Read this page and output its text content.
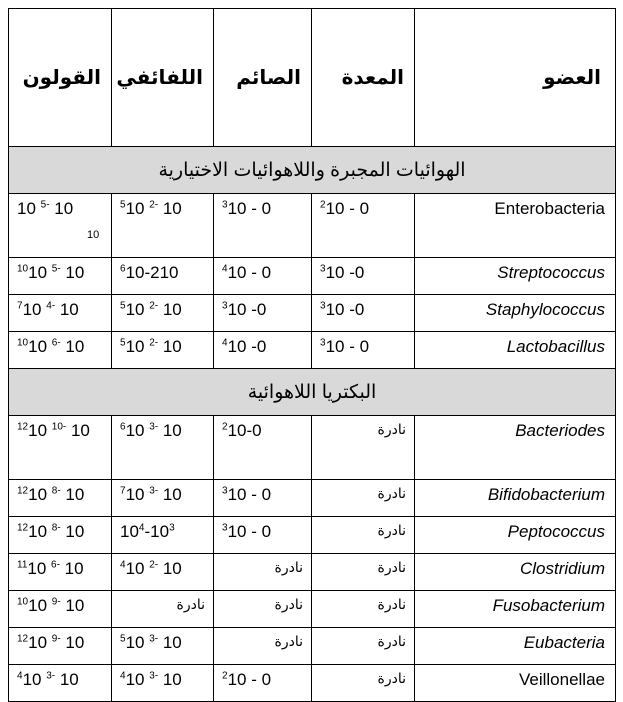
العضو	المعدة	الصائم	اللفائفي	القولون
الهوائيات المجبرة واللاهوائيات الاختيارية				
Enterobacteria	$^2$10 - 0	$^3$10 - 0	$^5$10 $^{2-}$ 10	10 $^{5-}$ 10
10

Streptococcus	$^3$10 -0	$^4$10 - 0	$^6$10-210	$^{10}$10 $^{5-}$ 10
Staphylococcus	$^3$10 -0	$^3$10 -0	$^5$10 $^{2-}$ 10	$^7$10 $^{4-}$ 10
Lactobacillus	$^3$10 - 0	$^4$10 -0	$^5$10 $^{2-}$ 10	$^{10}$10 $^{6-}$ 10
البكتريا اللاهوائية				
Bacteriodes	نادرة	$^2$10-0	$^6$10 $^{3-}$ 10	$^{12}$10 $^{10-}$ 10
Bifidobacterium	نادرة	$^3$10 - 0	$^7$10 $^{3-}$ 10	$^{12}$10 $^{8-}$ 10
Peptococcus	نادرة	$^3$10 - 0	$10^4-10^3$	$^{12}$10 $^{8-}$ 10
Clostridium	نادرة	نادرة	$^4$10 $^{2-}$ 10	$^{11}$10 $^{6-}$ 10
Fusobacterium	نادرة	نادرة	نادرة	$^{10}$10 $^{9-}$ 10
Eubacteria	نادرة	نادرة	$^5$10 $^{3-}$ 10	$^{12}$10 $^{9-}$ 10
Veillonellae	نادرة	$^2$10 - 0	$^4$10 $^{3-}$ 10	$^4$10 $^{3-}$ 10
